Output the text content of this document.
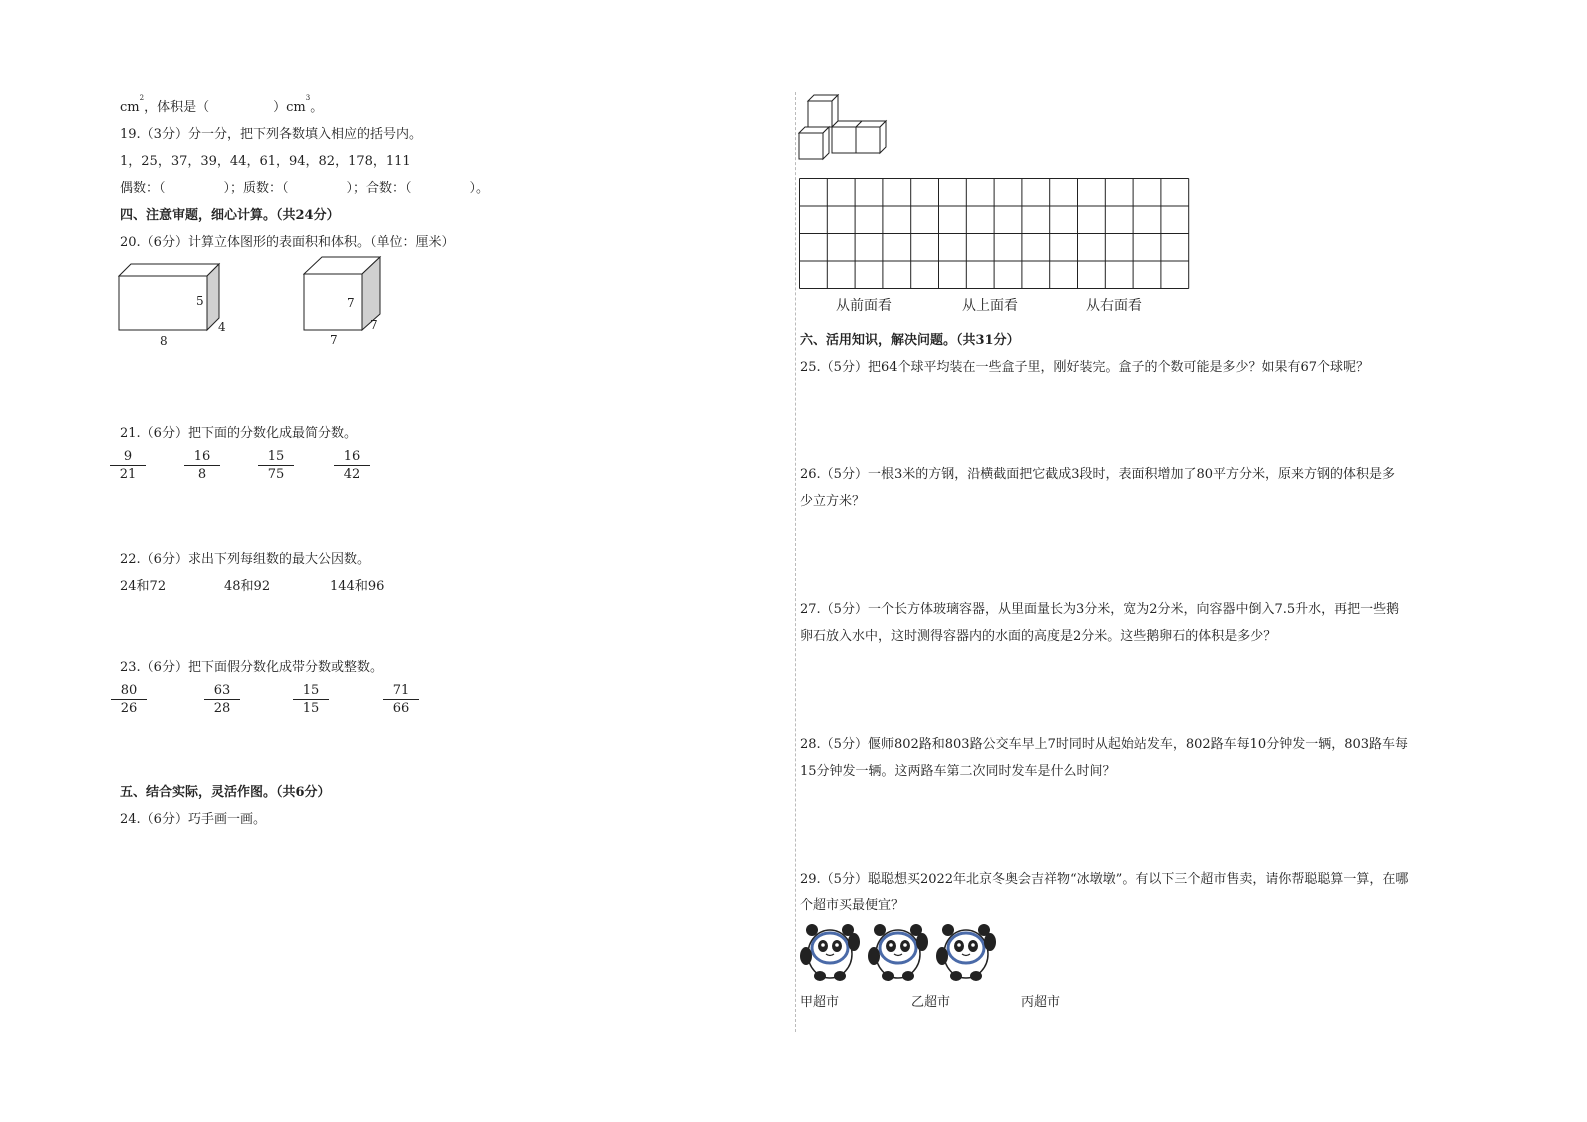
$cm^2$，体积是（	）$cm^3$。
19.（3分）分一分，把下列各数填入相应的括号内。
1，25，37，39，44，61，94，82，178，111
偶数：（	）；质数：（	）；合数：（	）。
四、注意审题，细心计算。（共24分）
20.（6分）计算立体图形的表面积和体积。（单位：厘米）
5
4
8
7
7
7
21.（6分）把下面的分数化成最简分数。
$\frac{9}{21}$	$\frac{16}{8}$	$\frac{15}{75}$	$\frac{16}{42}$
22.（6分）求出下列每组数的最大公因数。
24和72	48和92	144和96
23.（6分）把下面假分数化成带分数或整数。
$\frac{80}{26}$	$\frac{63}{28}$	$\frac{15}{15}$	$\frac{71}{66}$
五、结合实际，灵活作图。（共6分）
24.（6分）巧手画一画。
从前面看	从上面看	从右面看
六、活用知识，解决问题。（共31分）
25.（5分）把64个球平均装在一些盒子里，刚好装完。盒子的个数可能是多少？如果有67个球呢？
26.（5分）一根3米的方钢，沿横截面把它截成3段时，表面积增加了80平方分米，原来方钢的体积是多
少立方米？
27.（5分）一个长方体玻璃容器，从里面量长为3分米，宽为2分米，向容器中倒入7.5升水，再把一些鹅
卵石放入水中，这时测得容器内的水面的高度是2分米。这些鹅卵石的体积是多少？
28.（5分）偃师802路和803路公交车早上7时同时从起始站发车，802路车每10分钟发一辆，803路车每
15分钟发一辆。这两路车第二次同时发车是什么时间？
29.（5分）聪聪想买2022年北京冬奥会吉祥物“冰墩墩”。有以下三个超市售卖，请你帮聪聪算一算，在哪
个超市买最便宜？
甲超市	乙超市	丙超市
